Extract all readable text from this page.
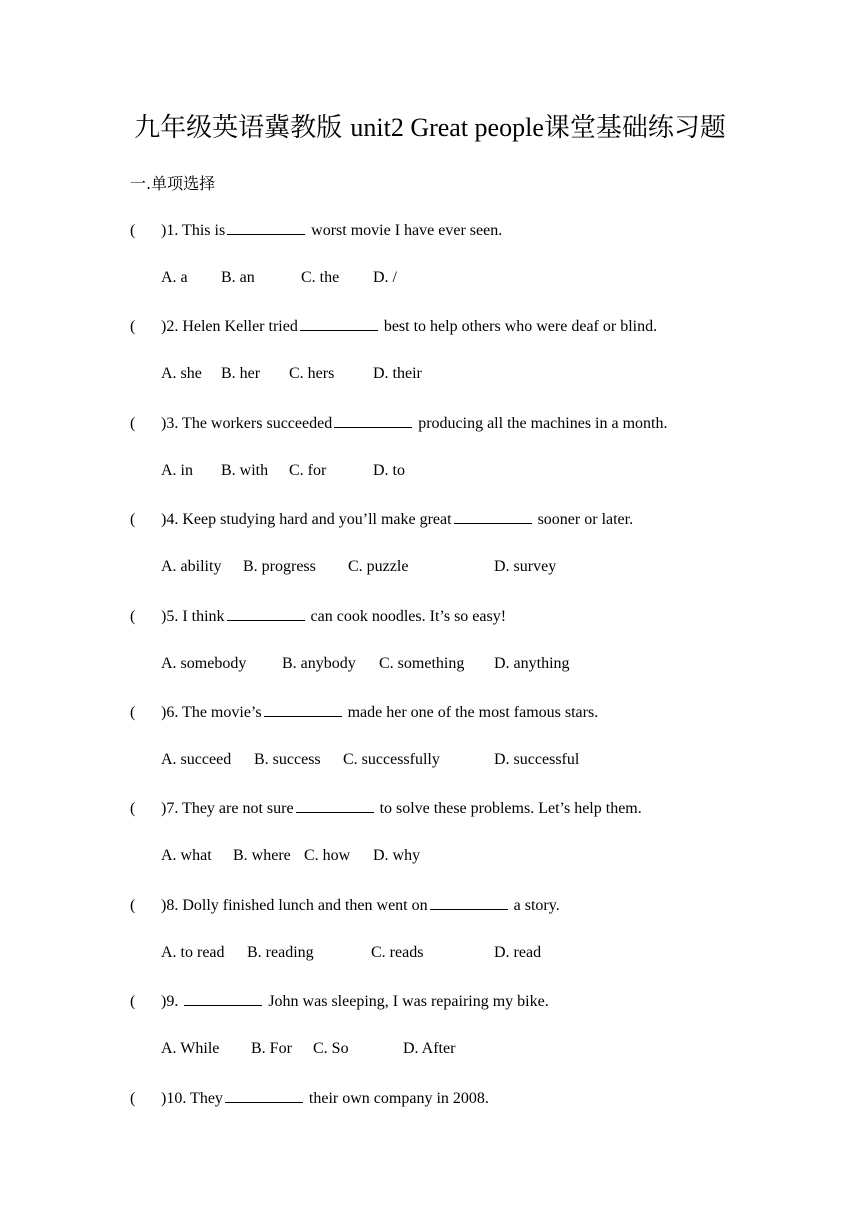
九年级英语冀教版 unit2 Great people课堂基础练习题
一.单项选择
( )1. This is	worst movie I have ever seen.
A. a B. an	C. the D. /
( )2. Helen Keller tried	best to help others who were deaf or blind.
A. she B. her C. hers D. their
( )3. The workers succeeded	producing all the machines in a month.
A. in B. with C. for	D. to
( )4. Keep studying hard and you’ll make great	sooner or later.
A. ability B. progress C. puzzle	D. survey
( )5. I think	can cook noodles. It’s so easy!
A. somebody B. anybody C. something D. anything
( )6. The movie’s	made her one of the most famous stars.
A. succeed B. success C. successfully	D. successful
( )7. They are not sure	to solve these problems. Let’s help them.
A. what B. where C. how D. why
( )8. Dolly finished lunch and then went on	a story.
A. to read B. reading	C. reads	D. read
( )9.	John was sleeping, I was repairing my bike.
A. While B. For C. So	D. After
( )10. They	their own company in 2008.
